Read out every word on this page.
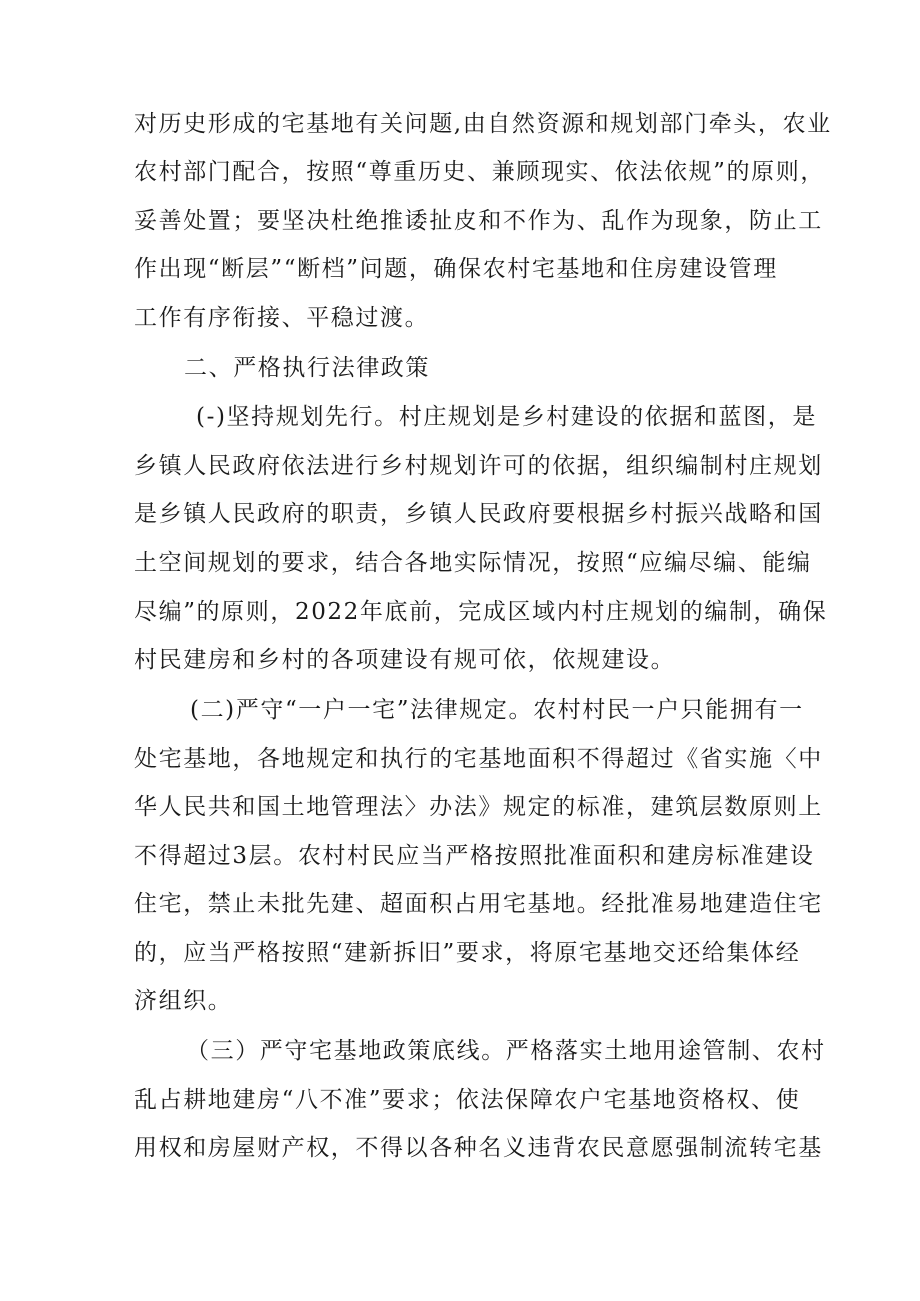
对历史形成的宅基地有关问题,由自然资源和规划部门牵头，农业
农村部门配合，按照“尊重历史、兼顾现实、依法依规”的原则，
妥善处置；要坚决杜绝推诿扯皮和不作为、乱作为现象，防止工
作出现“断层”“断档”问题，确保农村宅基地和住房建设管理
工作有序衔接、平稳过渡。
二、严格执行法律政策
(-)坚持规划先行。村庄规划是乡村建设的依据和蓝图，是
乡镇人民政府依法进行乡村规划许可的依据，组织编制村庄规划
是乡镇人民政府的职责，乡镇人民政府要根据乡村振兴战略和国
土空间规划的要求，结合各地实际情况，按照“应编尽编、能编
尽编”的原则，2022年底前，完成区域内村庄规划的编制，确保
村民建房和乡村的各项建设有规可依，依规建设。
(二)严守“一户一宅”法律规定。农村村民一户只能拥有一
处宅基地，各地规定和执行的宅基地面积不得超过《省实施〈中
华人民共和国土地管理法〉办法》规定的标准，建筑层数原则上
不得超过3层。农村村民应当严格按照批准面积和建房标准建设
住宅，禁止未批先建、超面积占用宅基地。经批准易地建造住宅
的，应当严格按照“建新拆旧”要求，将原宅基地交还给集体经
济组织。
（三）严守宅基地政策底线。严格落实土地用途管制、农村
乱占耕地建房“八不准”要求；依法保障农户宅基地资格权、使
用权和房屋财产权，不得以各种名义违背农民意愿强制流转宅基
